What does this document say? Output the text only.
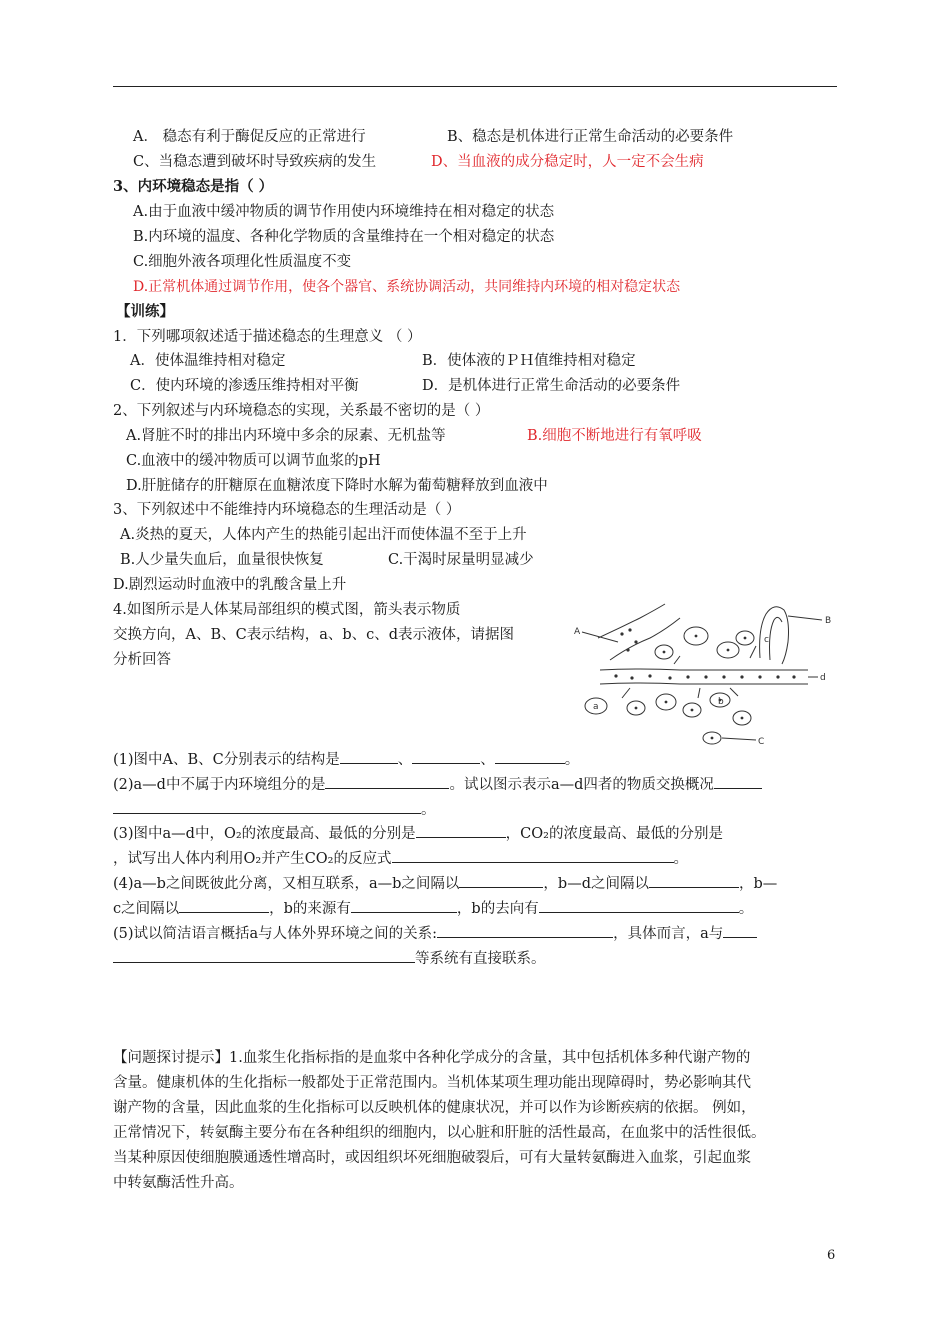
A． 稳态有利于酶促反应的正常进行	B、稳态是机体进行正常生命活动的必要条件
C、当稳态遭到破坏时导致疾病的发生	D、当血液的成分稳定时，人一定不会生病
3、内环境稳态是指（ ）
A.由于血液中缓冲物质的调节作用使内环境维持在相对稳定的状态
B.内环境的温度、各种化学物质的含量维持在一个相对稳定的状态
C.细胞外液各项理化性质温度不变
D.正常机体通过调节作用，使各个器官、系统协调活动，共同维持内环境的相对稳定状态
【训练】
1．下列哪项叙述适于描述稳态的生理意义 （ ）
A．使体温维持相对稳定	B．使体液的ＰＨ值维持相对稳定
C．使内环境的渗透压维持相对平衡	D．是机体进行正常生命活动的必要条件
2、下列叙述与内环境稳态的实现，关系最不密切的是（ ）
A.肾脏不时的排出内环境中多余的尿素、无机盐等	B.细胞不断地进行有氧呼吸
C.血液中的缓冲物质可以调节血浆的pH
D.肝脏储存的肝糖原在血糖浓度下降时水解为葡萄糖释放到血液中
3、下列叙述中不能维持内环境稳态的生理活动是（ ）
A.炎热的夏天，人体内产生的热能引起出汗而使体温不至于上升
B.人少量失血后，血量很快恢复	C.干渴时尿量明显减少
D.剧烈运动时血液中的乳酸含量上升
4.如图所示是人体某局部组织的模式图，箭头表示物质
交换方向，A、B、C表示结构，a、b、c、d表示液体，请据图
分析回答
A
B
C
a	b
c
d
(1)图中A、B、C分别表示的结构是	、	、	。
(2)a—d中不属于内环境组分的是	。试以图示表示a—d四者的物质交换概况
。
(3)图中a—d中，O₂的浓度最高、最低的分别是	，CO₂的浓度最高、最低的分别是
，试写出人体内利用O₂并产生CO₂的反应式	。
(4)a—b之间既彼此分离，又相互联系，a—b之间隔以	，b—d之间隔以	，b—
c之间隔以	，b的来源有	，b的去向有	。
(5)试以简洁语言概括a与人体外界环境之间的关系:	，具体而言，a与
等系统有直接联系。
【问题探讨提示】1.血浆生化指标指的是血浆中各种化学成分的含量，其中包括机体多种代谢产物的
含量。健康机体的生化指标一般都处于正常范围内。当机体某项生理功能出现障碍时，势必影响其代
谢产物的含量，因此血浆的生化指标可以反映机体的健康状况，并可以作为诊断疾病的依据。 例如，
正常情况下，转氨酶主要分布在各种组织的细胞内，以心脏和肝脏的活性最高，在血浆中的活性很低。
当某种原因使细胞膜通透性增高时，或因组织坏死细胞破裂后，可有大量转氨酶进入血浆，引起血浆
中转氨酶活性升高。
6
